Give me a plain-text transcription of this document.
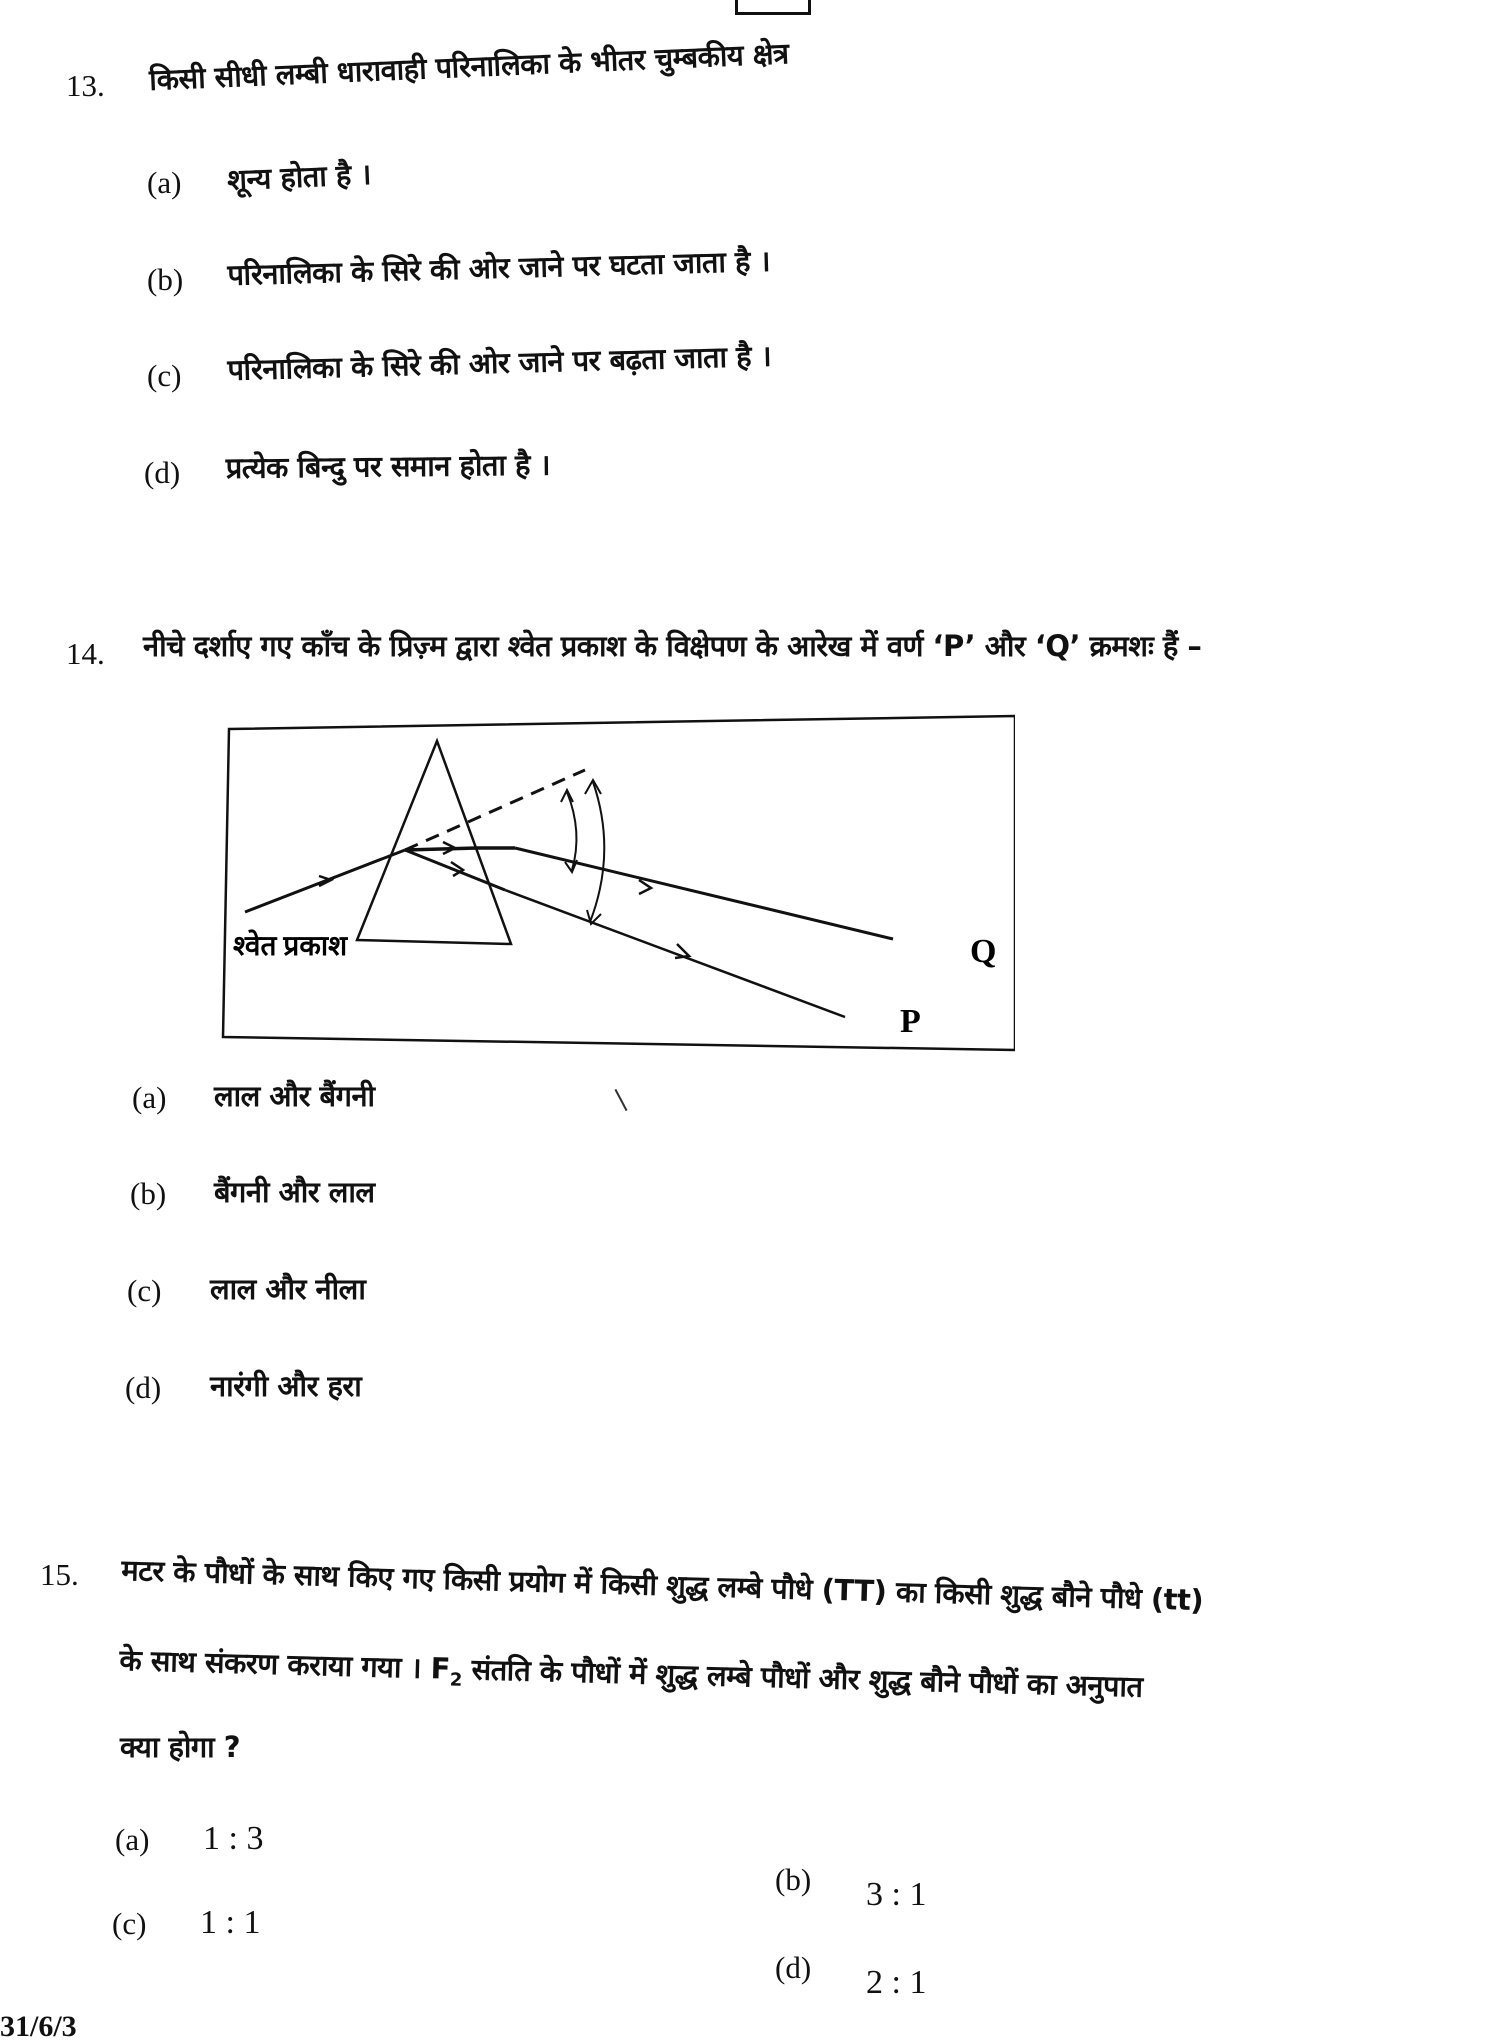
13. किसी सीधी लम्बी धारावाही परिनालिका के भीतर चुम्बकीय क्षेत्र
(a) शून्य होता है ।
(b) परिनालिका के सिरे की ओर जाने पर घटता जाता है ।
(c) परिनालिका के सिरे की ओर जाने पर बढ़ता जाता है ।
(d) प्रत्येक बिन्दु पर समान होता है ।
14. नीचे दर्शाए गए काँच के प्रिज़्म द्वारा श्वेत प्रकाश के विक्षेपण के आरेख में वर्ण ‘P’ और ‘Q’ क्रमशः हैं –
श्वेत प्रकाश	Q
P
(a) लाल और बैंगनी
(b) बैंगनी और लाल
(c) लाल और नीला
(d) नारंगी और हरा
15. मटर के पौधों के साथ किए गए किसी प्रयोग में किसी शुद्ध लम्बे पौधे (TT) का किसी शुद्ध बौने पौधे (tt)
के साथ संकरण कराया गया । $F_2$ संतति के पौधों में शुद्ध लम्बे पौधों और शुद्ध बौने पौधों का अनुपात
क्या होगा ?
(a) 1 : 3
(b) 3 : 1
(c) 1 : 1
(d) 2 : 1
31/6/3
